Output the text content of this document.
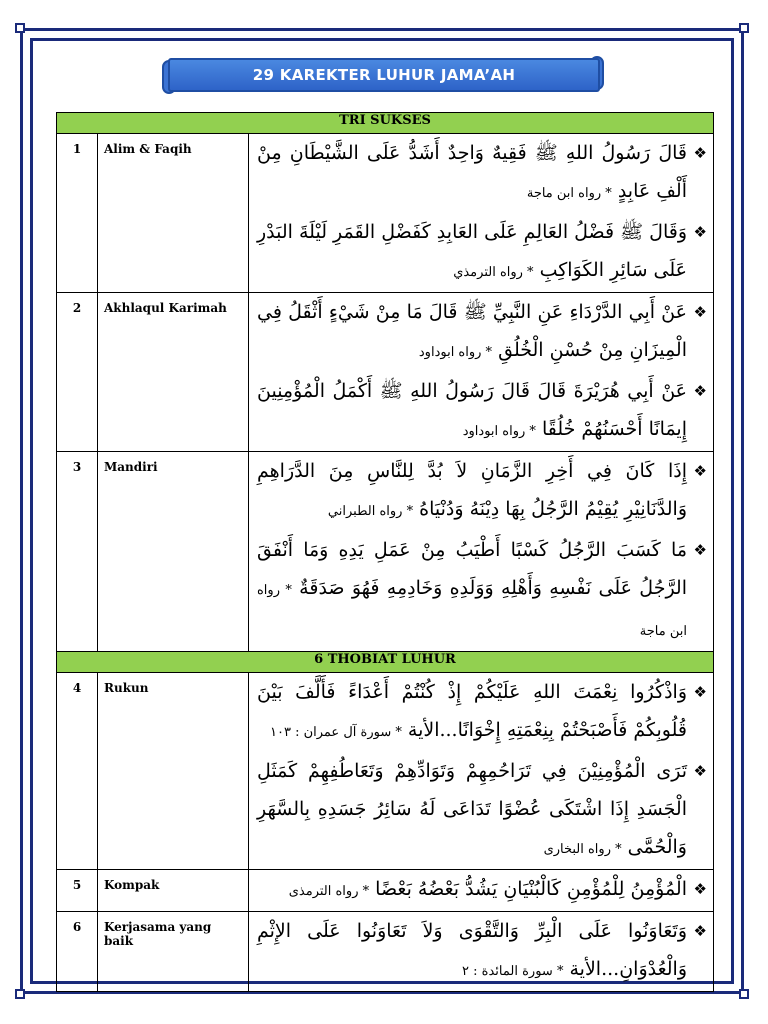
29 KAREKTER LUHUR JAMA’AH
TRI SUKSES		
1	Alim & Faqih	❖
قَالَ رَسُولُ اللهِ ﷺ فَقِيهٌ وَاحِدٌ أَشَدُّ عَلَى الشَّيْطَانِ مِنْ أَلْفِ عَابِدٍ * رواه ابن ماجة
❖
وَقَالَ ﷺ فَضْلُ العَالِمِ عَلَى العَابِدِ كَفَضْلِ القَمَرِ لَيْلَةَ البَدْرِ عَلَى سَائِرِ الكَوَاكِبِ * رواه الترمذي

2	Akhlaqul Karimah	❖
عَنْ أَبِي الدَّرْدَاءِ عَنِ النَّبِيِّ ﷺ قَالَ مَا مِنْ شَيْءٍ أَثْقَلُ فِي الْمِيزَانِ مِنْ حُسْنِ الْخُلُقِ * رواه ابوداود
❖
عَنْ أَبِي هُرَيْرَةَ قَالَ قَالَ رَسُولُ اللهِ ﷺ أَكْمَلُ الْمُؤْمِنِينَ إِيمَانًا أَحْسَنُهُمْ خُلُقًا * رواه ابوداود

3	Mandiri	❖
إِذَا كَانَ فِي أَخِرِ الزَّمَانِ لاَ بُدَّ لِلنَّاسِ مِنَ الدَّرَاهِمِ وَالدَّنَانِيْرِ يُقِيْمُ الرَّجُلُ بِهَا دِيْنَهُ وَدُنْيَاهُ * رواه الطبراني
❖
مَا كَسَبَ الرَّجُلُ كَسْبًا أَطْيَبُ مِنْ عَمَلِ يَدِهِ وَمَا أَنْفَقَ الرَّجُلُ عَلَى نَفْسِهِ وَأَهْلِهِ وَوَلَدِهِ وَخَادِمِهِ فَهُوَ صَدَقَةٌ * رواه ابن ماجة

6 THOBIAT LUHUR		
4	Rukun	❖
وَاذْكُرُوا نِعْمَتَ اللهِ عَلَيْكُمْ إِذْ كُنْتُمْ أَعْدَاءً فَأَلَّفَ بَيْنَ قُلُوبِكُمْ فَأَصْبَحْتُمْ بِنِعْمَتِهِ إِخْوَانًا...الأية * سورة آل عمران : ١٠٣
❖
تَرَى الْمُؤْمِنِيْنَ فِي تَرَاحُمِهِمْ وَتَوَادِّهِمْ وَتَعَاطُفِهِمْ كَمَثَلِ الْجَسَدِ إِذَا اشْتَكَى عُضْوًا تَدَاعَى لَهُ سَائِرُ جَسَدِهِ بِالسَّهَرِ وَالْحُمَّى * رواه البخارى

5	Kompak	❖
الْمُؤْمِنُ لِلْمُؤْمِنِ كَالْبُنْيَانِ يَشُدُّ بَعْضُهُ بَعْضًا * رواه الترمذى

6	Kerjasama yang baik	❖
وَتَعَاوَنُوا عَلَى الْبِرِّ وَالتَّقْوَى وَلاَ تَعَاوَنُوا عَلَى الإِثْمِ وَالْعُدْوَانِ...الأية * سورة المائدة : ٢
